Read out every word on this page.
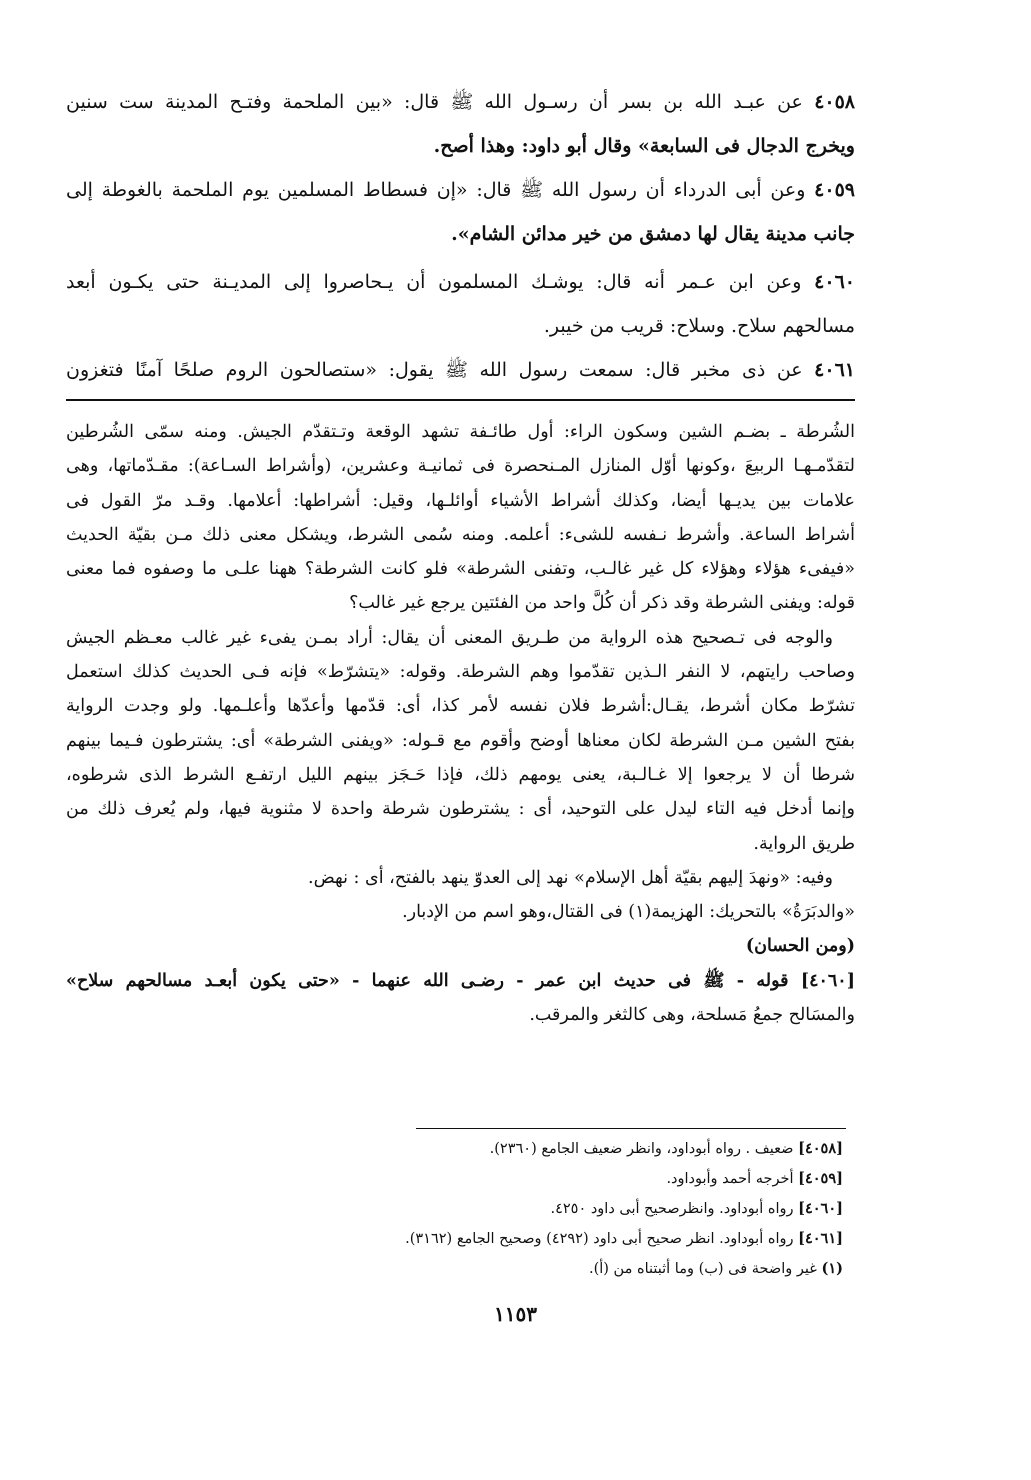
٤٠٥٨ عن عبـد الله بن بسر أن رسـول الله ﷺ قال: «بين الملحمة وفتـح المدينة ست سنين
ويخرج الدجال فى السابعة» وقال أبو داود: وهذا أصح.
٤٠٥٩ وعن أبى الدرداء أن رسول الله ﷺ قال: «إن فسطاط المسلمين يوم الملحمة بالغوطة إلى
جانب مدينة يقال لها دمشق من خير مدائن الشام».
٤٠٦٠ وعن ابن عـمر أنه قال: يوشـك المسلمون أن يـحاصروا إلى المديـنة حتى يكـون أبعد
مسالحهم سلاح. وسلاح: قريب من خيبر.
٤٠٦١ عن ذى مخبر قال: سمعت رسول الله ﷺ يقول: «ستصالحون الروم صلحًا آمنًا فتغزون
الشُرطة ـ بضـم الشين وسكون الراء: أول طائـفة تشهد الوقعة وتـتقدّم الجيش. ومنه سمّى الشُرطين
لتقدّمـهـا الربيعَ ،وكونها أوّل المنازل المـنحصرة فى ثمانيـة وعشرين، (وأشراط السـاعة): مقـدّماتها، وهى
علامات بين يديـها أيضا، وكذلك أشراط الأشياء أوائلـها، وقيل: أشراطها: أعلامها. وقـد مرّ القول فى
أشراط الساعة. وأشرط نـفسه للشىء: أعلمه. ومنه سُمى الشرط، ويشكل معنى ذلك مـن بقيّة الحديث
«فيفىء هؤلاء وهؤلاء كل غير غالـب، وتفنى الشرطة» فلو كانت الشرطة؟ ههنا علـى ما وصفوه فما معنى
قوله: ويفنى الشرطة وقد ذكر أن كُلَّ واحد من الفئتين يرجع غير غالب؟
والوجه فى تـصحيح هذه الرواية من طـريق المعنى أن يقال: أراد بمـن يفىء غير غالب معـظم الجيش
وصاحب رايتهم، لا النفر الـذين تقدّموا وهم الشرطة. وقوله: «يتشرّط» فإنه فـى الحديث كذلك استعمل
تشرّط مكان أشرط، يقـال:أشرط فلان نفسه لأمر كذا، أى: قدّمها وأعدّها وأعلـمها. ولو وجدت الرواية
بفتح الشين مـن الشرطة لكان معناها أوضح وأقوم مع قـوله: «ويفنى الشرطة» أى: يشترطون فـيما بينهم
شرطا أن لا يرجعوا إلا غـالـبة، يعنى يومهم ذلك، فإذا حَـجَز بينهم الليل ارتفـع الشرط الذى شرطوه،
وإنما أدخل فيه التاء ليدل على التوحيد، أى : يشترطون شرطة واحدة لا مثنوية فيها، ولم يُعرف ذلك من
طريق الرواية.
وفيه: «ونهدَ إليهم بقيّة أهل الإسلام» نهد إلى العدوّ ينهد بالفتح، أى : نهض.
«والدبَرَةُ» بالتحريك: الهزيمة(١) فى القتال،وهو اسم من الإدبار.
(ومن الحسان)
[٤٠٦٠] قوله - ﷺ فى حديث ابن عمر - رضـى الله عنهما - «حتى يكون أبعـد مسالحهم سلاح»
والمسَالح جمعُ مَسلحة، وهى كالثغر والمرقب.
[٤٠٥٨] ضعيف . رواه أبوداود، وانظر ضعيف الجامع (٢٣٦٠).
[٤٠٥٩] أخرجه أحمد وأبوداود.
[٤٠٦٠] رواه أبوداود. وانظرصحيح أبى داود ٤٢٥٠.
[٤٠٦١] رواه أبوداود. انظر صحيح أبى داود (٤٢٩٢) وصحيح الجامع (٣١٦٢).
(١) غير واضحة فى (ب) وما أثبتناه من (أ).
١١٥٣
